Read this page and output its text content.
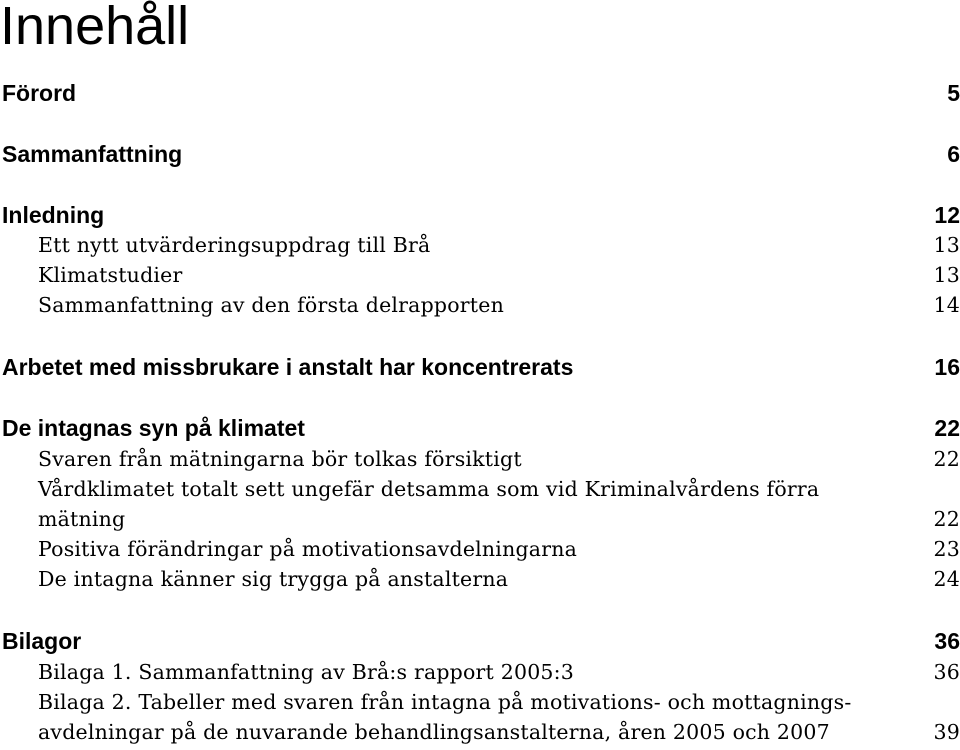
Innehåll
Förord	5
Sammanfattning	6
Inledning	12
Ett nytt utvärderingsuppdrag till Brå	13
Klimatstudier	13
Sammanfattning av den första delrapporten	14
Arbetet med missbrukare i anstalt har koncentrerats	16
De intagnas syn på klimatet	22
Svaren från mätningarna bör tolkas försiktigt	22
Vårdklimatet totalt sett ungefär detsamma som vid Kriminalvårdens förra
mätning	22
Positiva förändringar på motivationsavdelningarna	23
De intagna känner sig trygga på anstalterna	24
Bilagor	36
Bilaga 1. Sammanfattning av Brå:s rapport 2005:3	36
Bilaga 2. Tabeller med svaren från intagna på motivations- och mottagnings-
avdelningar på de nuvarande behandlingsanstalterna, åren 2005 och 2007	39
